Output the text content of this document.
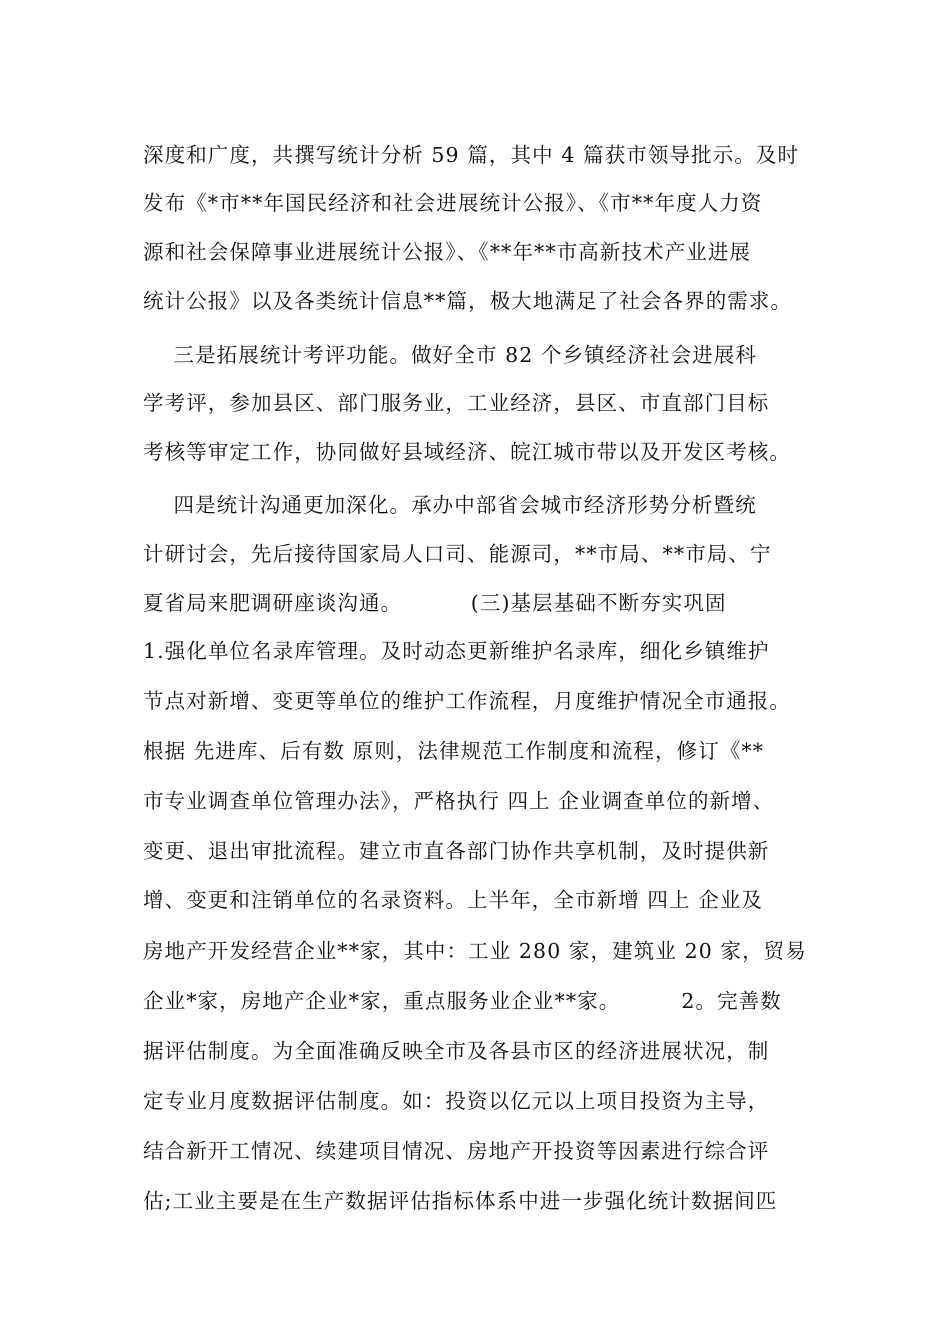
深度和广度，共撰写统计分析 59 篇，其中 4 篇获市领导批示。及时
发布《*市**年国民经济和社会进展统计公报》、《市**年度人力资
源和社会保障事业进展统计公报》、《**年**市高新技术产业进展
统计公报》以及各类统计信息**篇，极大地满足了社会各界的需求。
三是拓展统计考评功能。做好全市 82 个乡镇经济社会进展科
学考评，参加县区、部门服务业，工业经济，县区、市直部门目标
考核等审定工作，协同做好县域经济、皖江城市带以及开发区考核。
四是统计沟通更加深化。承办中部省会城市经济形势分析暨统
计研讨会，先后接待国家局人口司、能源司，**市局、**市局、宁
夏省局来肥调研座谈沟通。         (三)基层基础不断夯实巩固
1.强化单位名录库管理。及时动态更新维护名录库，细化乡镇维护
节点对新增、变更等单位的维护工作流程，月度维护情况全市通报。
根据 先进库、后有数 原则，法律规范工作制度和流程，修订《**
市专业调查单位管理办法》，严格执行 四上 企业调查单位的新增、
变更、退出审批流程。建立市直各部门协作共享机制，及时提供新
增、变更和注销单位的名录资料。上半年，全市新增 四上 企业及
房地产开发经营企业**家，其中：工业 280 家，建筑业 20 家，贸易
企业*家，房地产企业*家，重点服务业企业**家。        2。完善数
据评估制度。为全面准确反映全市及各县市区的经济进展状况，制
定专业月度数据评估制度。如：投资以亿元以上项目投资为主导，
结合新开工情况、续建项目情况、房地产开投资等因素进行综合评
估;工业主要是在生产数据评估指标体系中进一步强化统计数据间匹
